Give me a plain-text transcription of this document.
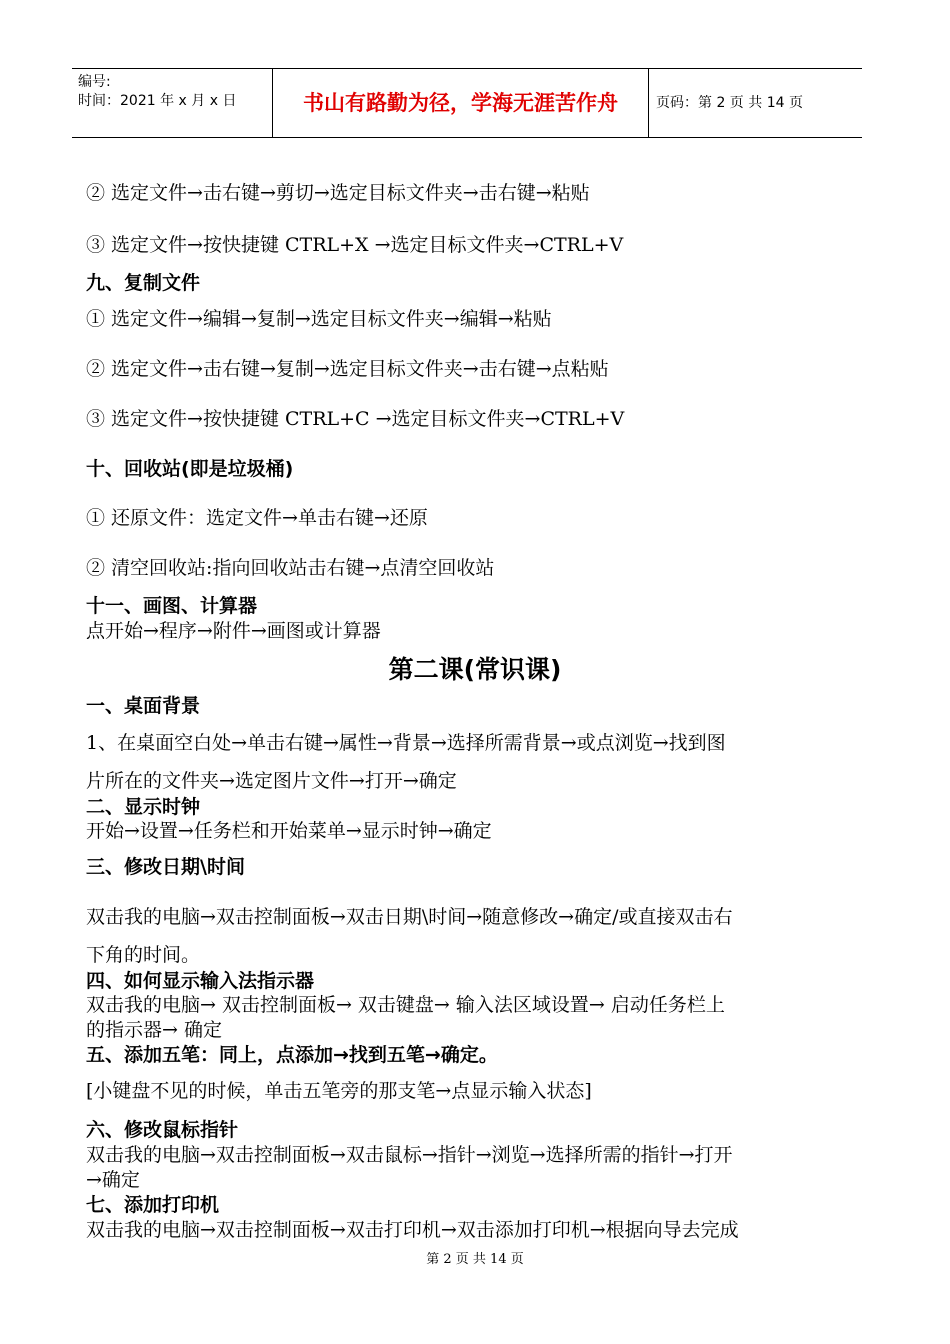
编号:
时间：2021 年 x 月 x 日	书山有路勤为径，学海无涯苦作舟	页码：第 2 页 共 14 页
② 选定文件→击右键→剪切→选定目标文件夹→击右键→粘贴
③ 选定文件→按快捷键 CTRL+X →选定目标文件夹→CTRL+V
九、复制文件
① 选定文件→编辑→复制→选定目标文件夹→编辑→粘贴
② 选定文件→击右键→复制→选定目标文件夹→击右键→点粘贴
③ 选定文件→按快捷键 CTRL+C →选定目标文件夹→CTRL+V
十、回收站(即是垃圾桶)
① 还原文件：选定文件→单击右键→还原
② 清空回收站:指向回收站击右键→点清空回收站
十一、画图、计算器
点开始→程序→附件→画图或计算器
第二课(常识课)
一、桌面背景
1、在桌面空白处→单击右键→属性→背景→选择所需背景→或点浏览→找到图
片所在的文件夹→选定图片文件→打开→确定
二、显示时钟
开始→设置→任务栏和开始菜单→显示时钟→确定
三、修改日期\时间
双击我的电脑→双击控制面板→双击日期\时间→随意修改→确定/或直接双击右
下角的时间。
四、如何显示输入法指示器
双击我的电脑→ 双击控制面板→ 双击键盘→ 输入法区域设置→ 启动任务栏上
的指示器→ 确定
五、添加五笔：同上，点添加→找到五笔→确定。
[小键盘不见的时候，单击五笔旁的那支笔→点显示输入状态]
六、修改鼠标指针
双击我的电脑→双击控制面板→双击鼠标→指针→浏览→选择所需的指针→打开
→确定
七、添加打印机
双击我的电脑→双击控制面板→双击打印机→双击添加打印机→根据向导去完成
第 2 页 共 14 页
